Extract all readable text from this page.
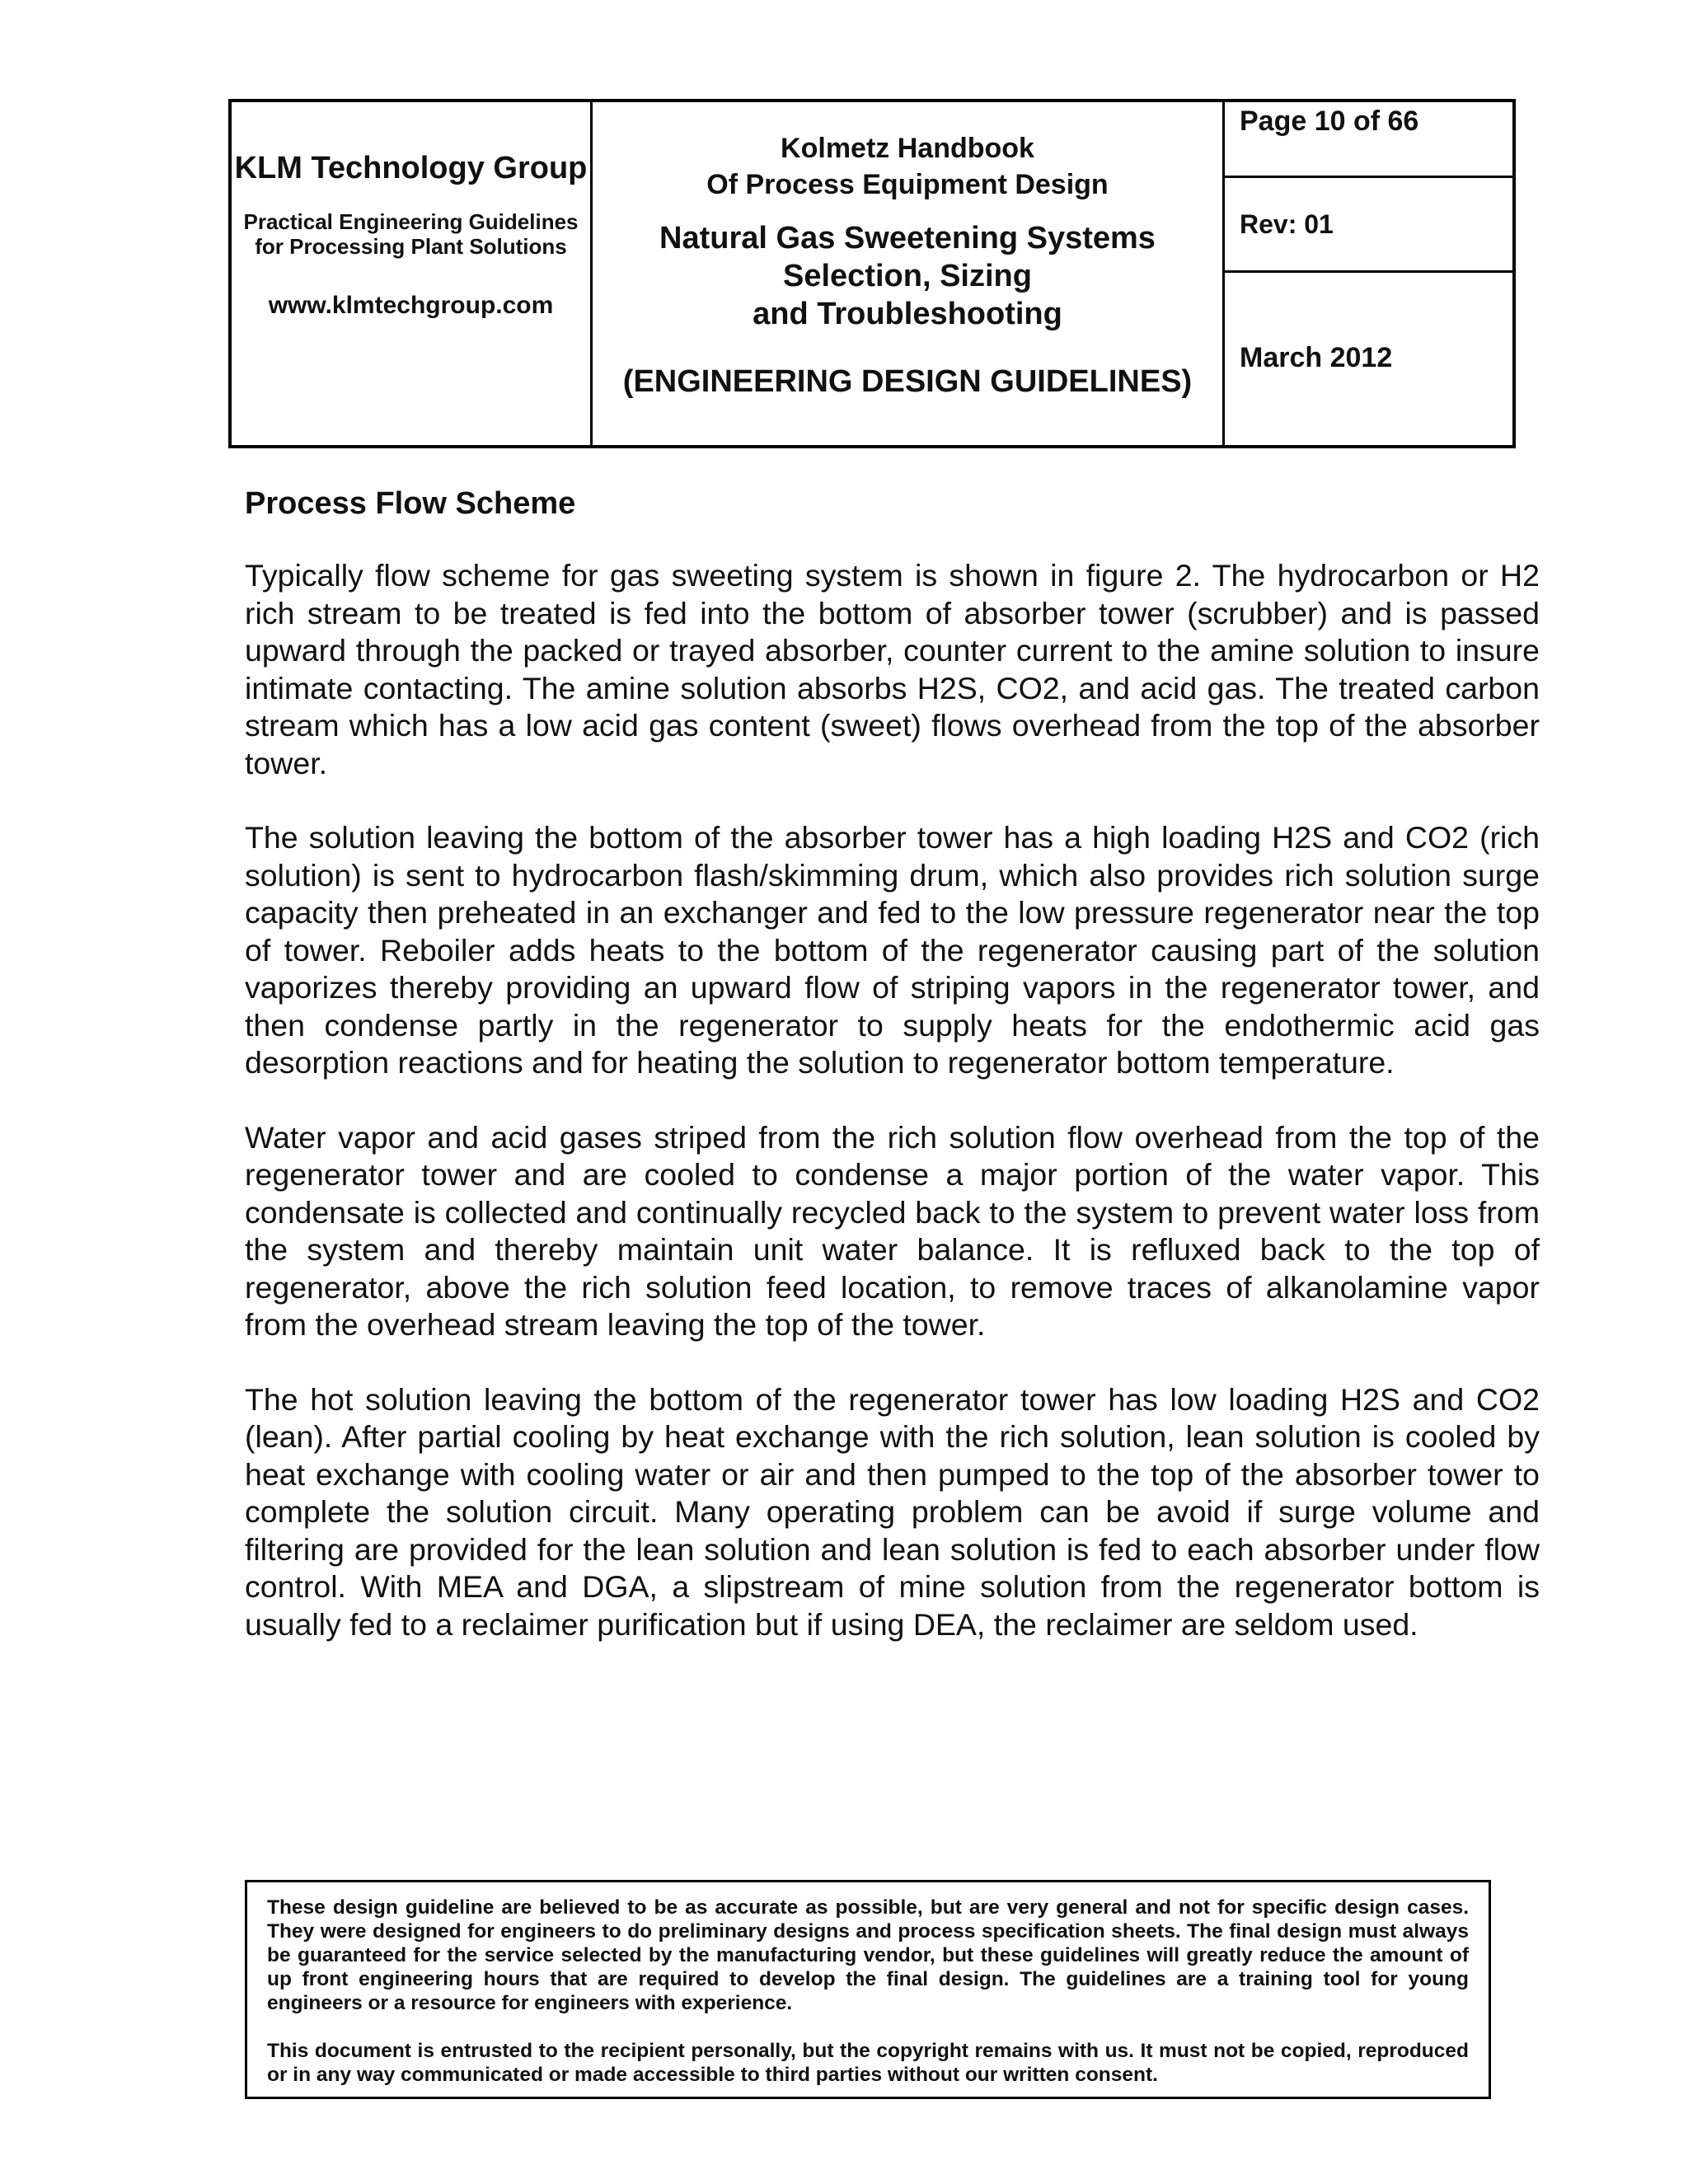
KLM Technology Group
Practical Engineering Guidelines for Processing Plant Solutions
www.klmtechgroup.com
Kolmetz Handbook
Of Process Equipment Design
Natural Gas Sweetening Systems
Selection, Sizing
and Troubleshooting
(ENGINEERING DESIGN GUIDELINES)
Page 10 of 66
Rev: 01
March 2012
Process Flow Scheme

Typically flow scheme for gas sweeting system is shown in figure 2. The hydrocarbon or H2 rich stream to be treated is fed into the bottom of absorber tower (scrubber) and is passed upward through the packed or trayed absorber, counter current to the amine solution to insure intimate contacting. The amine solution absorbs H2S, CO2, and acid gas. The treated carbon stream which has a low acid gas content (sweet) flows overhead from the top of the absorber tower.

The solution leaving the bottom of the absorber tower has a high loading H2S and CO2 (rich solution) is sent to hydrocarbon flash/skimming drum, which also provides rich solution surge capacity then preheated in an exchanger and fed to the low pressure regenerator near the top of tower. Reboiler adds heats to the bottom of the regenerator causing part of the solution vaporizes thereby providing an upward flow of striping vapors in the regenerator tower, and then condense partly in the regenerator to supply heats for the endothermic acid gas desorption reactions and for heating the solution to regenerator bottom temperature.

Water vapor and acid gases striped from the rich solution flow overhead from the top of the regenerator tower and are cooled to condense a major portion of the water vapor. This condensate is collected and continually recycled back to the system to prevent water loss from the system and thereby maintain unit water balance. It is refluxed back to the top of regenerator, above the rich solution feed location, to remove traces of alkanolamine vapor from the overhead stream leaving the top of the tower.

The hot solution leaving the bottom of the regenerator tower has low loading H2S and CO2 (lean). After partial cooling by heat exchange with the rich solution, lean solution is cooled by heat exchange with cooling water or air and then pumped to the top of the absorber tower to complete the solution circuit. Many operating problem can be avoid if surge volume and filtering are provided for the lean solution and lean solution is fed to each absorber under flow control. With MEA and DGA, a slipstream of mine solution from the regenerator bottom is usually fed to a reclaimer purification but if using DEA, the reclaimer are seldom used.

These design guideline are believed to be as accurate as possible, but are very general and not for specific design cases. They were designed for engineers to do preliminary designs and process specification sheets. The final design must always be guaranteed for the service selected by the manufacturing vendor, but these guidelines will greatly reduce the amount of up front engineering hours that are required to develop the final design. The guidelines are a training tool for young engineers or a resource for engineers with experience.

This document is entrusted to the recipient personally, but the copyright remains with us. It must not be copied, reproduced or in any way communicated or made accessible to third parties without our written consent.
